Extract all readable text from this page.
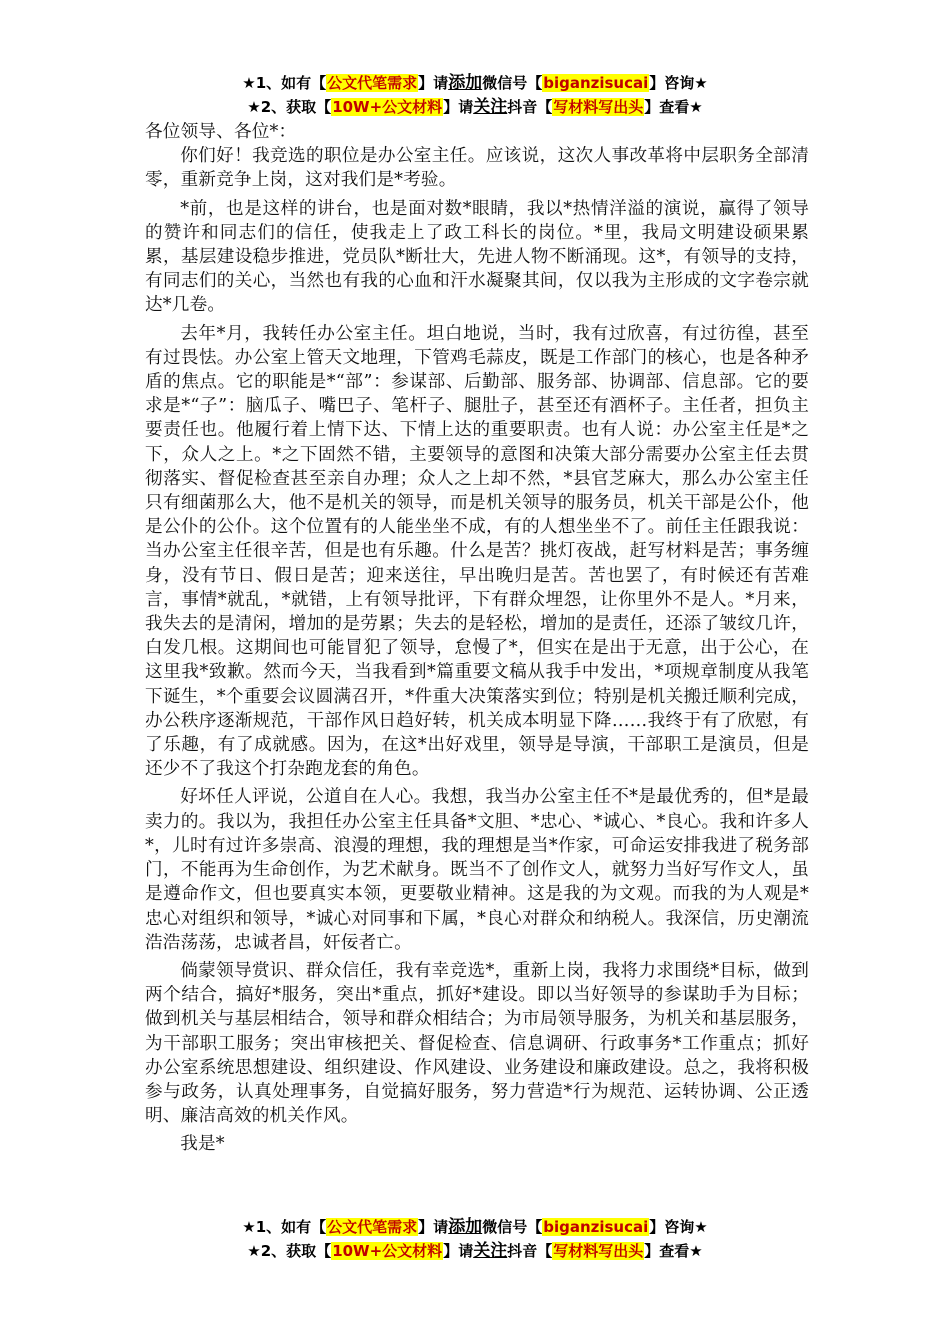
★1、如有【公文代笔需求】请添加微信号【biganzisucai】咨询★
★2、获取【10W+公文材料】请关注抖音【写材料写出头】查看★

各位领导、各位*：

你们好！我竞选的职位是办公室主任。应该说，这次人事改革将中层职务全部清零，重新竞争上岗，这对我们是*考验。

*前，也是这样的讲台，也是面对数*眼睛，我以*热情洋溢的演说，赢得了领导的赞许和同志们的信任，使我走上了政工科长的岗位。*里，我局文明建设硕果累累，基层建设稳步推进，党员队*断壮大，先进人物不断涌现。这*，有领导的支持，有同志们的关心，当然也有我的心血和汗水凝聚其间，仅以我为主形成的文字卷宗就达*几卷。

去年*月，我转任办公室主任。坦白地说，当时，我有过欣喜，有过彷徨，甚至有过畏怯。办公室上管天文地理，下管鸡毛蒜皮，既是工作部门的核心，也是各种矛盾的焦点。它的职能是*“部”：参谋部、后勤部、服务部、协调部、信息部。它的要求是*“子”：脑瓜子、嘴巴子、笔杆子、腿肚子，甚至还有酒杯子。主任者，担负主要责任也。他履行着上情下达、下情上达的重要职责。也有人说：办公室主任是*之下，众人之上。*之下固然不错，主要领导的意图和决策大部分需要办公室主任去贯彻落实、督促检查甚至亲自办理；众人之上却不然，*县官芝麻大，那么办公室主任只有细菌那么大，他不是机关的领导，而是机关领导的服务员，机关干部是公仆，他是公仆的公仆。这个位置有的人能坐坐不成，有的人想坐坐不了。前任主任跟我说：当办公室主任很辛苦，但是也有乐趣。什么是苦？挑灯夜战，赶写材料是苦；事务缠身，没有节日、假日是苦；迎来送往，早出晚归是苦。苦也罢了，有时候还有苦难言，事情*就乱，*就错，上有领导批评，下有群众埋怨，让你里外不是人。*月来，我失去的是清闲，增加的是劳累；失去的是轻松，增加的是责任，还添了皱纹几许，白发几根。这期间也可能冒犯了领导，怠慢了*，但实在是出于无意，出于公心，在这里我*致歉。然而今天，当我看到*篇重要文稿从我手中发出，*项规章制度从我笔下诞生，*个重要会议圆满召开，*件重大决策落实到位；特别是机关搬迁顺利完成，办公秩序逐渐规范，干部作风日趋好转，机关成本明显下降……我终于有了欣慰，有了乐趣，有了成就感。因为，在这*出好戏里，领导是导演，干部职工是演员，但是还少不了我这个打杂跑龙套的角色。

好坏任人评说，公道自在人心。我想，我当办公室主任不*是最优秀的，但*是最卖力的。我以为，我担任办公室主任具备*文胆、*忠心、*诚心、*良心。我和许多人*，儿时有过许多崇高、浪漫的理想，我的理想是当*作家，可命运安排我进了税务部门，不能再为生命创作，为艺术献身。既当不了创作文人，就努力当好写作文人，虽是遵命作文，但也要真实本领，更要敬业精神。这是我的为文观。而我的为人观是*忠心对组织和领导，*诚心对同事和下属，*良心对群众和纳税人。我深信，历史潮流浩浩荡荡，忠诚者昌，奸佞者亡。

倘蒙领导赏识、群众信任，我有幸竞选*，重新上岗，我将力求围绕*目标，做到两个结合，搞好*服务，突出*重点，抓好*建设。即以当好领导的参谋助手为目标；做到机关与基层相结合，领导和群众相结合；为市局领导服务，为机关和基层服务，为干部职工服务；突出审核把关、督促检查、信息调研、行政事务*工作重点；抓好办公室系统思想建设、组织建设、作风建设、业务建设和廉政建设。总之，我将积极参与政务，认真处理事务，自觉搞好服务，努力营造*行为规范、运转协调、公正透明、廉洁高效的机关作风。

我是*

★1、如有【公文代笔需求】请添加微信号【biganzisucai】咨询★
★2、获取【10W+公文材料】请关注抖音【写材料写出头】查看★
